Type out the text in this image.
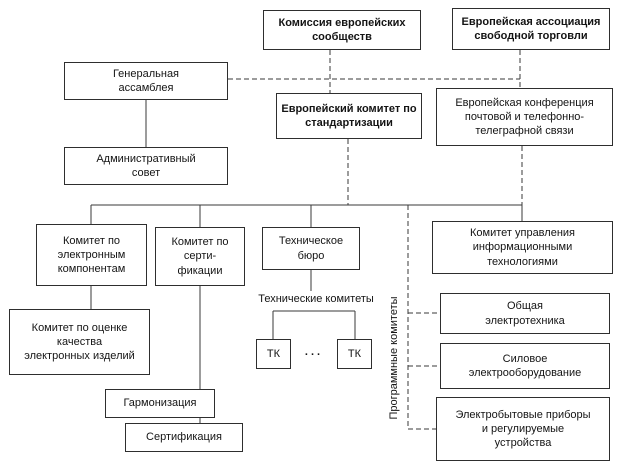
Комиссия европейских сообществ
Европейская ассоциация свободной торговли
Генеральная ассамблея
Европейский комитет по стандартизации
Европейская конференция почтовой и телефонно-телеграфной связи
Административный совет
Комитет по электронным компонентам
Комитет по серти-фикации
Техническое бюро
Комитет управления информационными технологиями
Комитет по оценке качества электронных изделий
Гармонизация
Сертификация
Технические комитеты
ТК	...	ТК	Программные комитеты	Общая электротехника
Силовое электрооборудование
Электробытовые приборы и регулируемые устройства
